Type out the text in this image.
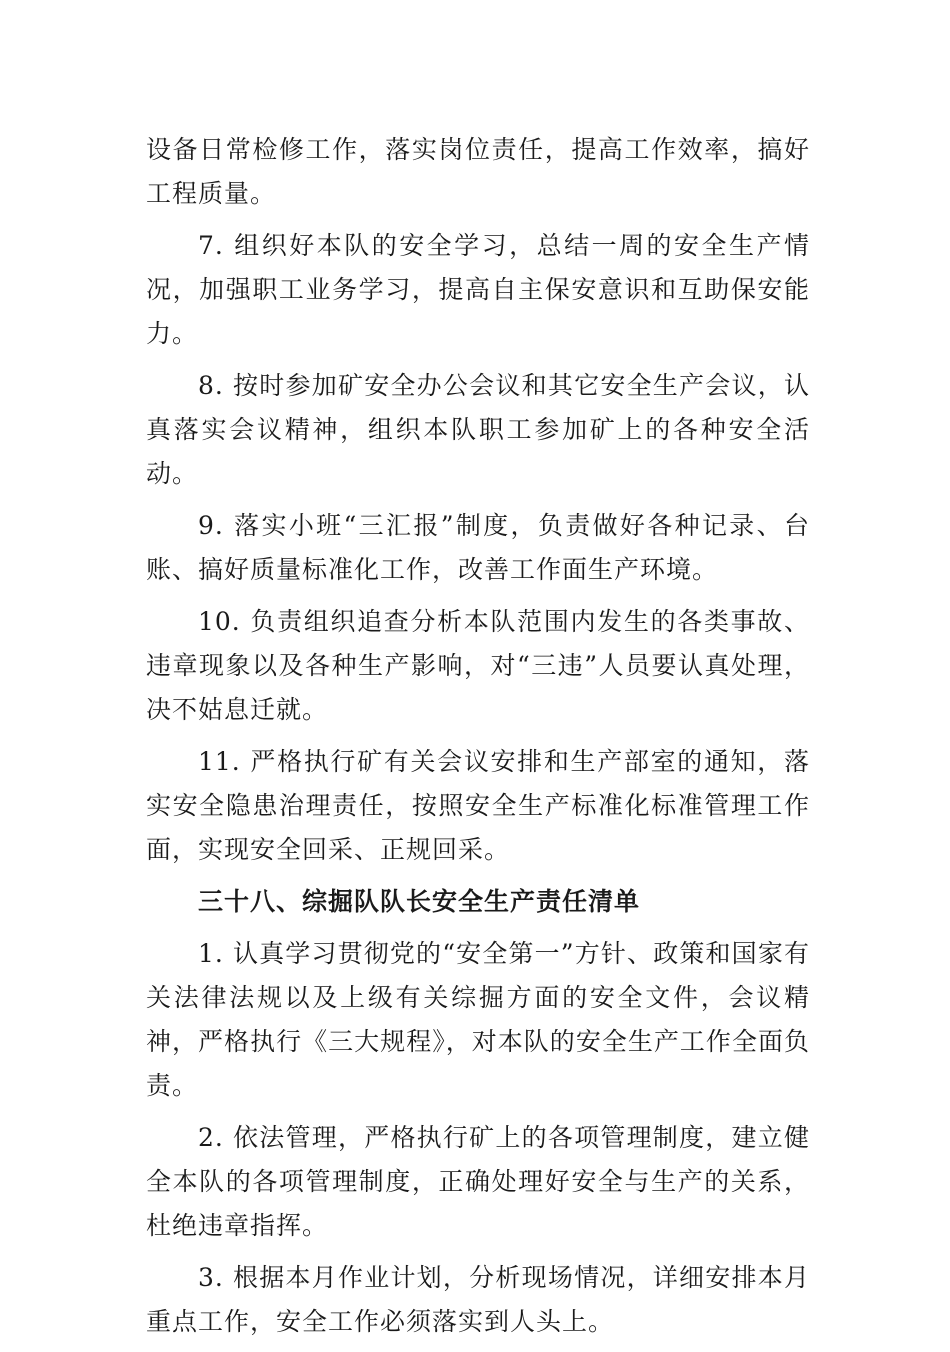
设备日常检修工作，落实岗位责任，提高工作效率，搞好工程质量。

7. 组织好本队的安全学习，总结一周的安全生产情况，加强职工业务学习，提高自主保安意识和互助保安能力。

8. 按时参加矿安全办公会议和其它安全生产会议，认真落实会议精神，组织本队职工参加矿上的各种安全活动。

9. 落实小班“三汇报”制度，负责做好各种记录、台账、搞好质量标准化工作，改善工作面生产环境。

10. 负责组织追查分析本队范围内发生的各类事故、违章现象以及各种生产影响，对“三违”人员要认真处理，决不姑息迁就。

11. 严格执行矿有关会议安排和生产部室的通知，落实安全隐患治理责任，按照安全生产标准化标准管理工作面，实现安全回采、正规回采。

三十八、综掘队队长安全生产责任清单

1. 认真学习贯彻党的“安全第一”方针、政策和国家有关法律法规以及上级有关综掘方面的安全文件，会议精神，严格执行《三大规程》，对本队的安全生产工作全面负责。

2. 依法管理，严格执行矿上的各项管理制度，建立健全本队的各项管理制度，正确处理好安全与生产的关系，杜绝违章指挥。

3. 根据本月作业计划，分析现场情况，详细安排本月重点工作，安全工作必须落实到人头上。
